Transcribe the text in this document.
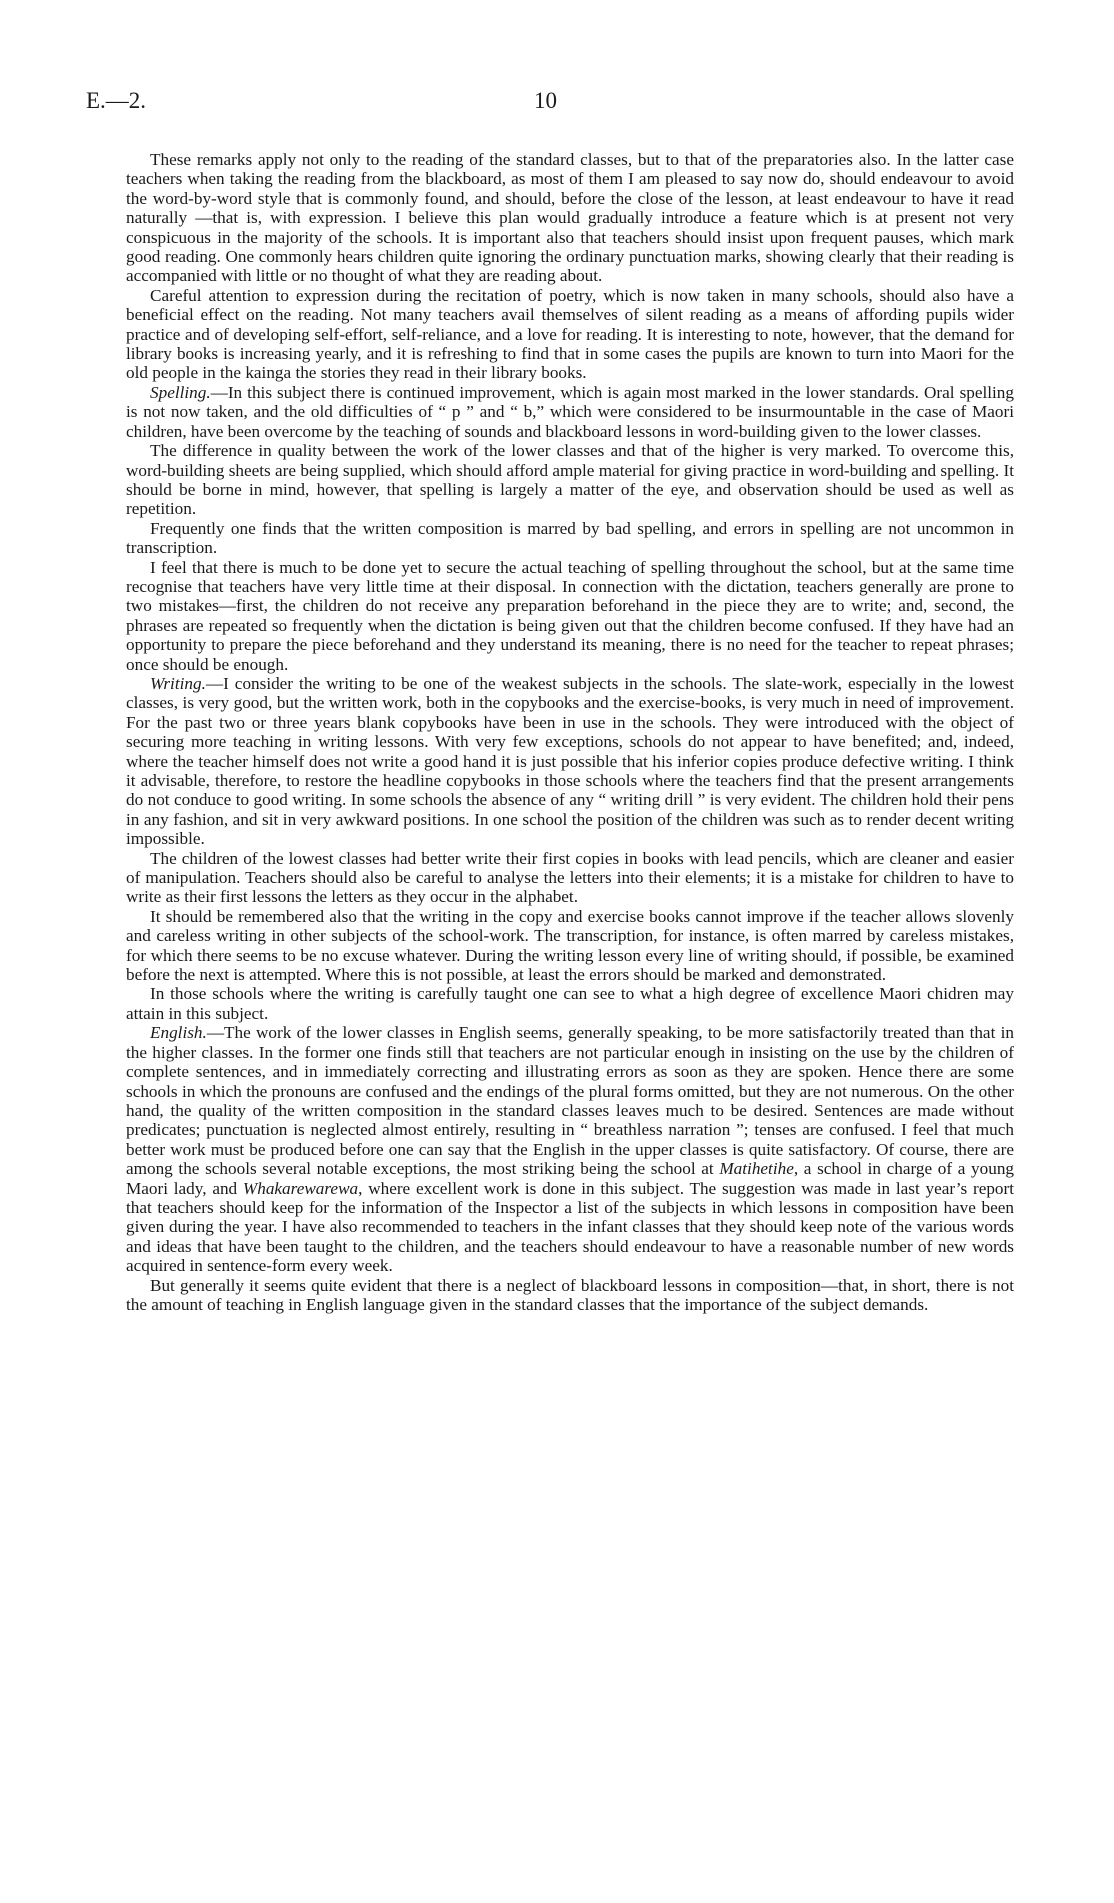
E.—2.	10

These remarks apply not only to the reading of the standard classes, but to that of the preparatories also. In the latter case teachers when taking the reading from the blackboard, as most of them I am pleased to say now do, should endeavour to avoid the word-by-word style that is commonly found, and should, before the close of the lesson, at least endeavour to have it read naturally —that is, with expression. I believe this plan would gradually introduce a feature which is at present not very conspicuous in the majority of the schools. It is important also that teachers should insist upon frequent pauses, which mark good reading. One commonly hears children quite ignoring the ordinary punctuation marks, showing clearly that their reading is accompanied with little or no thought of what they are reading about.

Careful attention to expression during the recitation of poetry, which is now taken in many schools, should also have a beneficial effect on the reading. Not many teachers avail themselves of silent reading as a means of affording pupils wider practice and of developing self-effort, self-reliance, and a love for reading. It is interesting to note, however, that the demand for library books is increasing yearly, and it is refreshing to find that in some cases the pupils are known to turn into Maori for the old people in the kainga the stories they read in their library books.

Spelling.—In this subject there is continued improvement, which is again most marked in the lower standards. Oral spelling is not now taken, and the old difficulties of “ p ” and “ b,” which were considered to be insurmountable in the case of Maori children, have been overcome by the teaching of sounds and blackboard lessons in word-building given to the lower classes.

The difference in quality between the work of the lower classes and that of the higher is very marked. To overcome this, word-building sheets are being supplied, which should afford ample material for giving practice in word-building and spelling. It should be borne in mind, however, that spelling is largely a matter of the eye, and observation should be used as well as repetition.

Frequently one finds that the written composition is marred by bad spelling, and errors in spelling are not uncommon in transcription.

I feel that there is much to be done yet to secure the actual teaching of spelling throughout the school, but at the same time recognise that teachers have very little time at their disposal. In connection with the dictation, teachers generally are prone to two mistakes—first, the children do not receive any preparation beforehand in the piece they are to write; and, second, the phrases are repeated so frequently when the dictation is being given out that the children become confused. If they have had an opportunity to prepare the piece beforehand and they understand its meaning, there is no need for the teacher to repeat phrases; once should be enough.

Writing.—I consider the writing to be one of the weakest subjects in the schools. The slate-work, especially in the lowest classes, is very good, but the written work, both in the copybooks and the exercise-books, is very much in need of improvement. For the past two or three years blank copybooks have been in use in the schools. They were introduced with the object of securing more teaching in writing lessons. With very few exceptions, schools do not appear to have benefited; and, indeed, where the teacher himself does not write a good hand it is just possible that his inferior copies produce defective writing. I think it advisable, therefore, to restore the headline copybooks in those schools where the teachers find that the present arrangements do not conduce to good writing. In some schools the absence of any “ writing drill ” is very evident. The children hold their pens in any fashion, and sit in very awkward positions. In one school the position of the children was such as to render decent writing impossible.

The children of the lowest classes had better write their first copies in books with lead pencils, which are cleaner and easier of manipulation. Teachers should also be careful to analyse the letters into their elements; it is a mistake for children to have to write as their first lessons the letters as they occur in the alphabet.

It should be remembered also that the writing in the copy and exercise books cannot improve if the teacher allows slovenly and careless writing in other subjects of the school-work. The transcription, for instance, is often marred by careless mistakes, for which there seems to be no excuse whatever. During the writing lesson every line of writing should, if possible, be examined before the next is attempted. Where this is not possible, at least the errors should be marked and demonstrated.

In those schools where the writing is carefully taught one can see to what a high degree of excellence Maori chidren may attain in this subject.

English.—The work of the lower classes in English seems, generally speaking, to be more satisfactorily treated than that in the higher classes. In the former one finds still that teachers are not particular enough in insisting on the use by the children of complete sentences, and in immediately correcting and illustrating errors as soon as they are spoken. Hence there are some schools in which the pronouns are confused and the endings of the plural forms omitted, but they are not numerous. On the other hand, the quality of the written composition in the standard classes leaves much to be desired. Sentences are made without predicates; punctuation is neglected almost entirely, resulting in “ breathless narration ”; tenses are confused. I feel that much better work must be produced before one can say that the English in the upper classes is quite satisfactory. Of course, there are among the schools several notable exceptions, the most striking being the school at Matihetihe, a school in charge of a young Maori lady, and Whakarewarewa, where excellent work is done in this subject. The suggestion was made in last year’s report that teachers should keep for the information of the Inspector a list of the subjects in which lessons in composition have been given during the year. I have also recommended to teachers in the infant classes that they should keep note of the various words and ideas that have been taught to the children, and the teachers should endeavour to have a reasonable number of new words acquired in sentence-form every week.

But generally it seems quite evident that there is a neglect of blackboard lessons in composition—that, in short, there is not the amount of teaching in English language given in the standard classes that the importance of the subject demands.
